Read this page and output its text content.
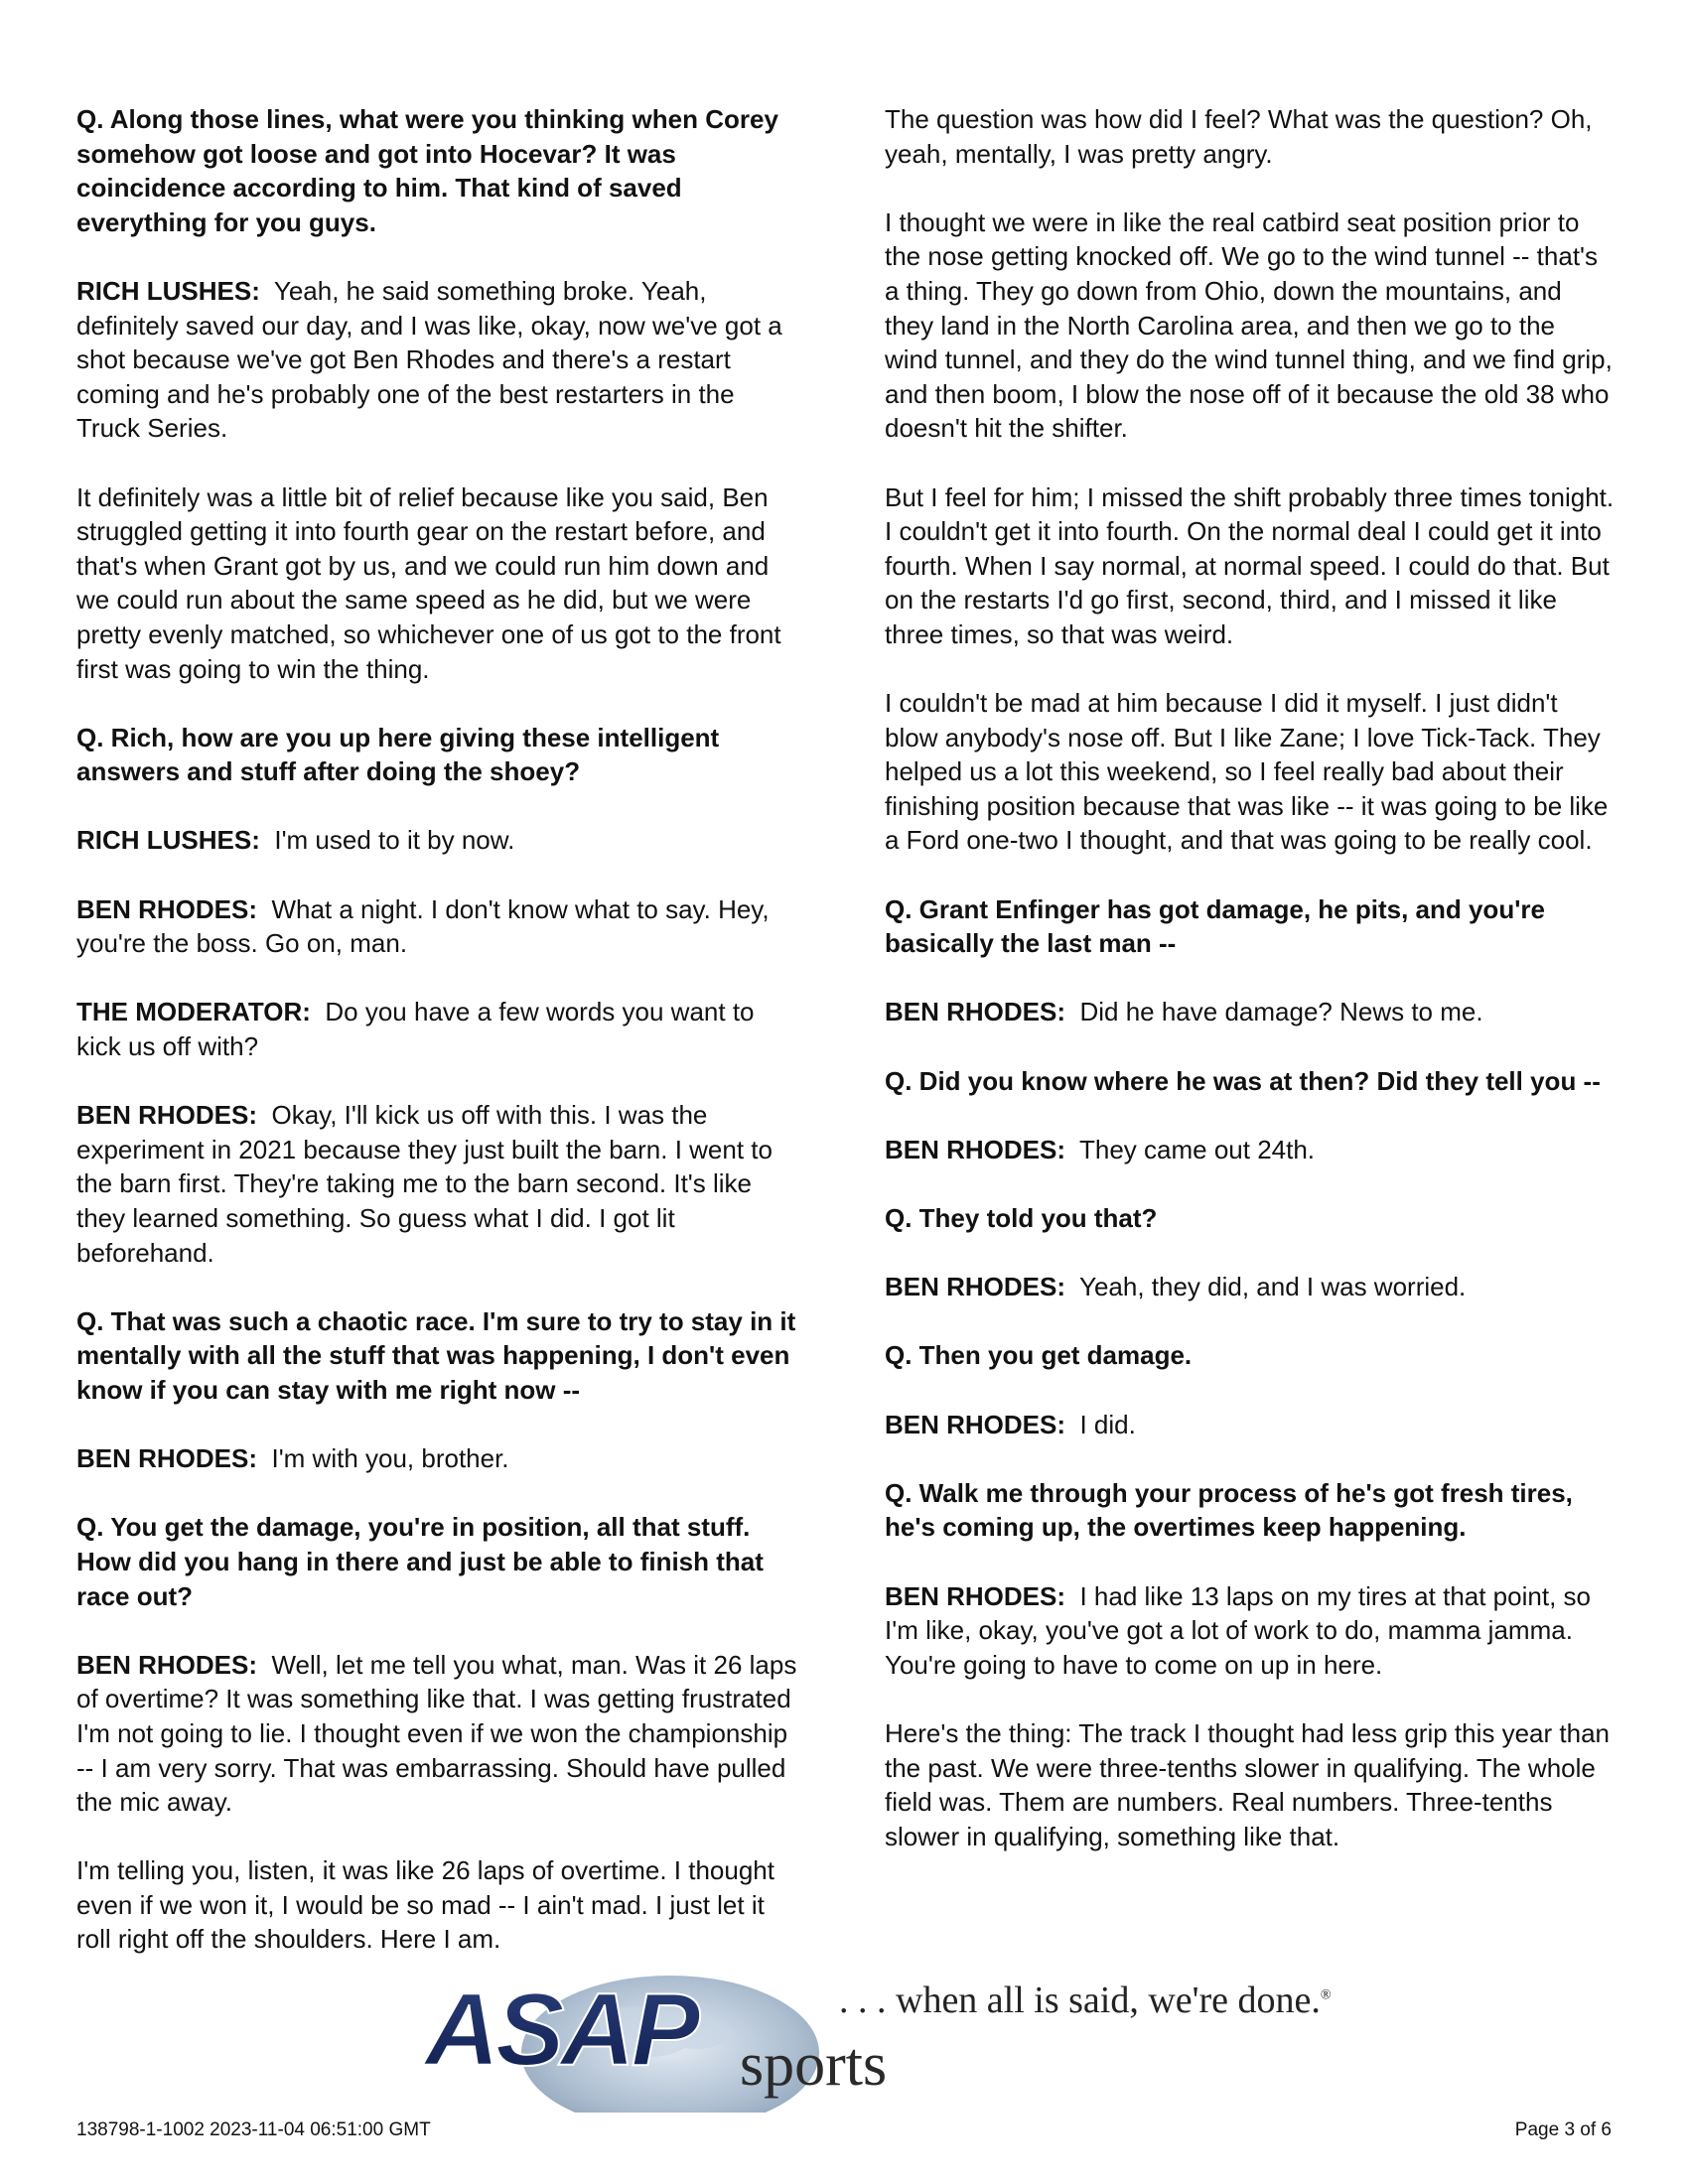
Q. Along those lines, what were you thinking when Corey somehow got loose and got into Hocevar? It was coincidence according to him. That kind of saved everything for you guys.

RICH LUSHES: Yeah, he said something broke. Yeah, definitely saved our day, and I was like, okay, now we've got a shot because we've got Ben Rhodes and there's a restart coming and he's probably one of the best restarters in the Truck Series.

It definitely was a little bit of relief because like you said, Ben struggled getting it into fourth gear on the restart before, and that's when Grant got by us, and we could run him down and we could run about the same speed as he did, but we were pretty evenly matched, so whichever one of us got to the front first was going to win the thing.

Q. Rich, how are you up here giving these intelligent answers and stuff after doing the shoey?

RICH LUSHES: I'm used to it by now.

BEN RHODES: What a night. I don't know what to say. Hey, you're the boss. Go on, man.

THE MODERATOR: Do you have a few words you want to kick us off with?

BEN RHODES: Okay, I'll kick us off with this. I was the experiment in 2021 because they just built the barn. I went to the barn first. They're taking me to the barn second. It's like they learned something. So guess what I did. I got lit beforehand.

Q. That was such a chaotic race. I'm sure to try to stay in it mentally with all the stuff that was happening, I don't even know if you can stay with me right now --

BEN RHODES: I'm with you, brother.

Q. You get the damage, you're in position, all that stuff. How did you hang in there and just be able to finish that race out?

BEN RHODES: Well, let me tell you what, man. Was it 26 laps of overtime? It was something like that. I was getting frustrated I'm not going to lie. I thought even if we won the championship -- I am very sorry. That was embarrassing. Should have pulled the mic away.

I'm telling you, listen, it was like 26 laps of overtime. I thought even if we won it, I would be so mad -- I ain't mad. I just let it roll right off the shoulders. Here I am.

The question was how did I feel? What was the question? Oh, yeah, mentally, I was pretty angry.

I thought we were in like the real catbird seat position prior to the nose getting knocked off. We go to the wind tunnel -- that's a thing. They go down from Ohio, down the mountains, and they land in the North Carolina area, and then we go to the wind tunnel, and they do the wind tunnel thing, and we find grip, and then boom, I blow the nose off of it because the old 38 who doesn't hit the shifter.

But I feel for him; I missed the shift probably three times tonight. I couldn't get it into fourth. On the normal deal I could get it into fourth. When I say normal, at normal speed. I could do that. But on the restarts I'd go first, second, third, and I missed it like three times, so that was weird.

I couldn't be mad at him because I did it myself. I just didn't blow anybody's nose off. But I like Zane; I love Tick-Tack. They helped us a lot this weekend, so I feel really bad about their finishing position because that was like -- it was going to be like a Ford one-two I thought, and that was going to be really cool.

Q. Grant Enfinger has got damage, he pits, and you're basically the last man --

BEN RHODES: Did he have damage? News to me.

Q. Did you know where he was at then? Did they tell you --

BEN RHODES: They came out 24th.

Q. They told you that?

BEN RHODES: Yeah, they did, and I was worried.

Q. Then you get damage.

BEN RHODES: I did.

Q. Walk me through your process of he's got fresh tires, he's coming up, the overtimes keep happening.

BEN RHODES: I had like 13 laps on my tires at that point, so I'm like, okay, you've got a lot of work to do, mamma jamma. You're going to have to come on up in here.

Here's the thing: The track I thought had less grip this year than the past. We were three-tenths slower in qualifying. The whole field was. Them are numbers. Real numbers. Three-tenths slower in qualifying, something like that.

ASAP sports
. . . when all is said, we're done.®
138798-1-1002 2023-11-04 06:51:00 GMT	Page 3 of 6
